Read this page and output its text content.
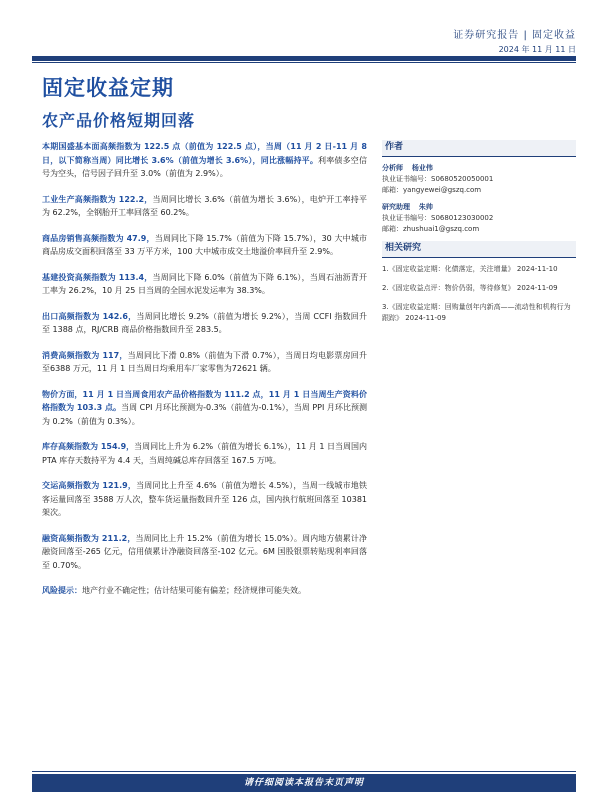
证券研究报告 | 固定收益
2024 年 11 月 11 日
固定收益定期
农产品价格短期回落

本期国盛基本面高频指数为 122.5 点（前值为 122.5 点），当周（11 月 2 日-11 月 8 日，以下简称当周）同比增长 3.6%（前值为增长 3.6%），同比涨幅持平。利率债多空信号为空头，信号因子回升至 3.0%（前值为 2.9%）。

工业生产高频指数为 122.2，当周同比增长 3.6%（前值为增长 3.6%），电炉开工率持平为 62.2%，全钢胎开工率回落至 60.2%。

商品房销售高频指数为 47.9，当周同比下降 15.7%（前值为下降 15.7%），30 大中城市商品房成交面积回落至 33 万平方米，100 大中城市成交土地溢价率回升至 2.9%。

基建投资高频指数为 113.4，当周同比下降 6.0%（前值为下降 6.1%），当周石油沥青开工率为 26.2%，10 月 25 日当周的全国水泥发运率为 38.3%。

出口高频指数为 142.6，当周同比增长 9.2%（前值为增长 9.2%），当周 CCFI 指数回升至 1388 点，RJ/CRB 商品价格指数回升至 283.5。

消费高频指数为 117，当周同比下滑 0.8%（前值为下滑 0.7%），当周日均电影票房回升至6388 万元，11 月 1 日当周日均乘用车厂家零售为72621 辆。

物价方面，11 月 1 日当周食用农产品价格指数为 111.2 点，11 月 1 日当周生产资料价格指数为 103.3 点。当周 CPI 月环比预测为-0.3%（前值为-0.1%），当周 PPI 月环比预测为 0.2%（前值为 0.3%）。

库存高频指数为 154.9，当周同比上升为 6.2%（前值为增长 6.1%），11 月 1 日当周国内 PTA 库存天数持平为 4.4 天，当周纯碱总库存回落至 167.5 万吨。

交运高频指数为 121.9，当周同比上升至 4.6%（前值为增长 4.5%），当周一线城市地铁客运量回落至 3588 万人次，整车货运量指数回升至 126 点，国内执行航班回落至 10381 架次。

融资高频指数为 211.2，当周同比上升 15.2%（前值为增长 15.0%）。周内地方债累计净融资回落至-265 亿元，信用债累计净融资回落至-102 亿元。6M 国股银票转贴现利率回落至 0.70%。

风险提示：地产行业不确定性；估计结果可能有偏差；经济规律可能失效。

作者
分析师 杨业伟
执业证书编号：S0680520050001
邮箱：yangyewei@gszq.com
研究助理 朱帅
执业证书编号：S0680123030002
邮箱：zhushuai1@gszq.com
相关研究
1.《固定收益定期：化债落定，关注增量》 2024-11-10
2.《固定收益点评：物价仍弱，等待修复》 2024-11-09
3.《固定收益定期：回购量创年内新高——流动性和机构行为跟踪》 2024-11-09
请仔细阅读本报告末页声明
